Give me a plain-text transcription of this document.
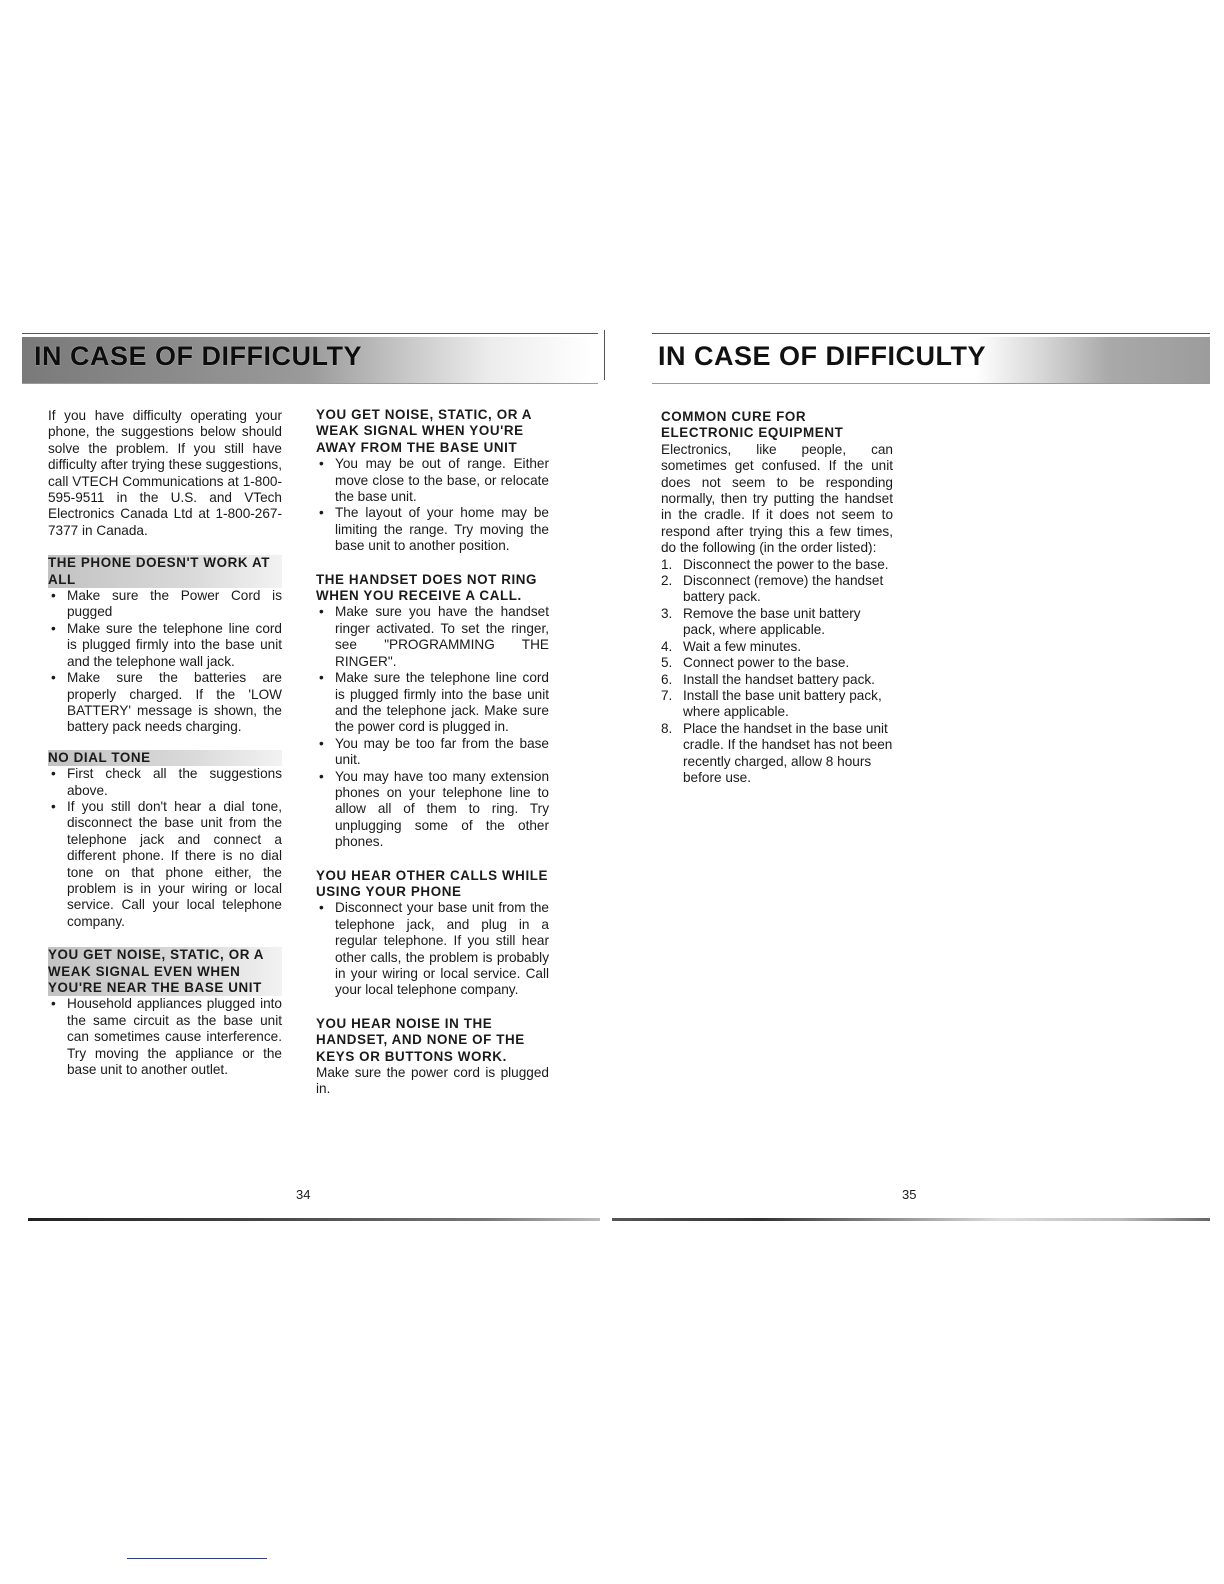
IN CASE OF DIFFICULTY	IN CASE OF DIFFICULTY

If you have difficulty operating your phone, the suggestions below should solve the problem. If you still have difficulty after trying these suggestions, call VTECH Communications at 1-800-595-9511 in the U.S. and VTech Electronics Canada Ltd at 1-800-267-7377 in Canada.

THE PHONE DOESN'T WORK AT ALL
• Make sure the Power Cord is pugged
• Make sure the telephone line cord is plugged firmly into the base unit and the telephone wall jack.
• Make sure the batteries are properly charged. If the 'LOW BATTERY' message is shown, the battery pack needs charging.
NO DIAL TONE
• First check all the suggestions above.
• If you still don't hear a dial tone, disconnect the base unit from the telephone jack and connect a different phone. If there is no dial tone on that phone either, the problem is in your wiring or local service. Call your local telephone company.
YOU GET NOISE, STATIC, OR A WEAK SIGNAL EVEN WHEN YOU'RE NEAR THE BASE UNIT
• Household appliances plugged into the same circuit as the base unit can sometimes cause interference. Try moving the appliance or the base unit to another outlet.
YOU GET NOISE, STATIC, OR A WEAK SIGNAL WHEN YOU'RE AWAY FROM THE BASE UNIT
• You may be out of range. Either move close to the base, or relocate the base unit.
• The layout of your home may be limiting the range. Try moving the base unit to another position.
THE HANDSET DOES NOT RING WHEN YOU RECEIVE A CALL.
• Make sure you have the handset ringer activated. To set the ringer, see "PROGRAMMING THE RINGER".
• Make sure the telephone line cord is plugged firmly into the base unit and the telephone jack. Make sure the power cord is plugged in.
• You may be too far from the base unit.
• You may have too many extension phones on your telephone line to allow all of them to ring. Try unplugging some of the other phones.
YOU HEAR OTHER CALLS WHILE USING YOUR PHONE
• Disconnect your base unit from the telephone jack, and plug in a regular telephone. If you still hear other calls, the problem is probably in your wiring or local service. Call your local telephone company.
YOU HEAR NOISE IN THE HANDSET, AND NONE OF THE KEYS OR BUTTONS WORK.

Make sure the power cord is plugged in.

COMMON CURE FOR ELECTRONIC EQUIPMENT

Electronics, like people, can sometimes get confused. If the unit does not seem to be responding normally, then try putting the handset in the cradle. If it does not seem to respond after trying this a few times, do the following (in the order listed):

1. Disconnect the power to the base.
2. Disconnect (remove) the handset battery pack.
3. Remove the base unit battery pack, where applicable.
4. Wait a few minutes.
5. Connect power to the base.
6. Install the handset battery pack.
7. Install the base unit battery pack, where applicable.
8. Place the handset in the base unit cradle. If the handset has not been recently charged, allow 8 hours before use.
34	35
